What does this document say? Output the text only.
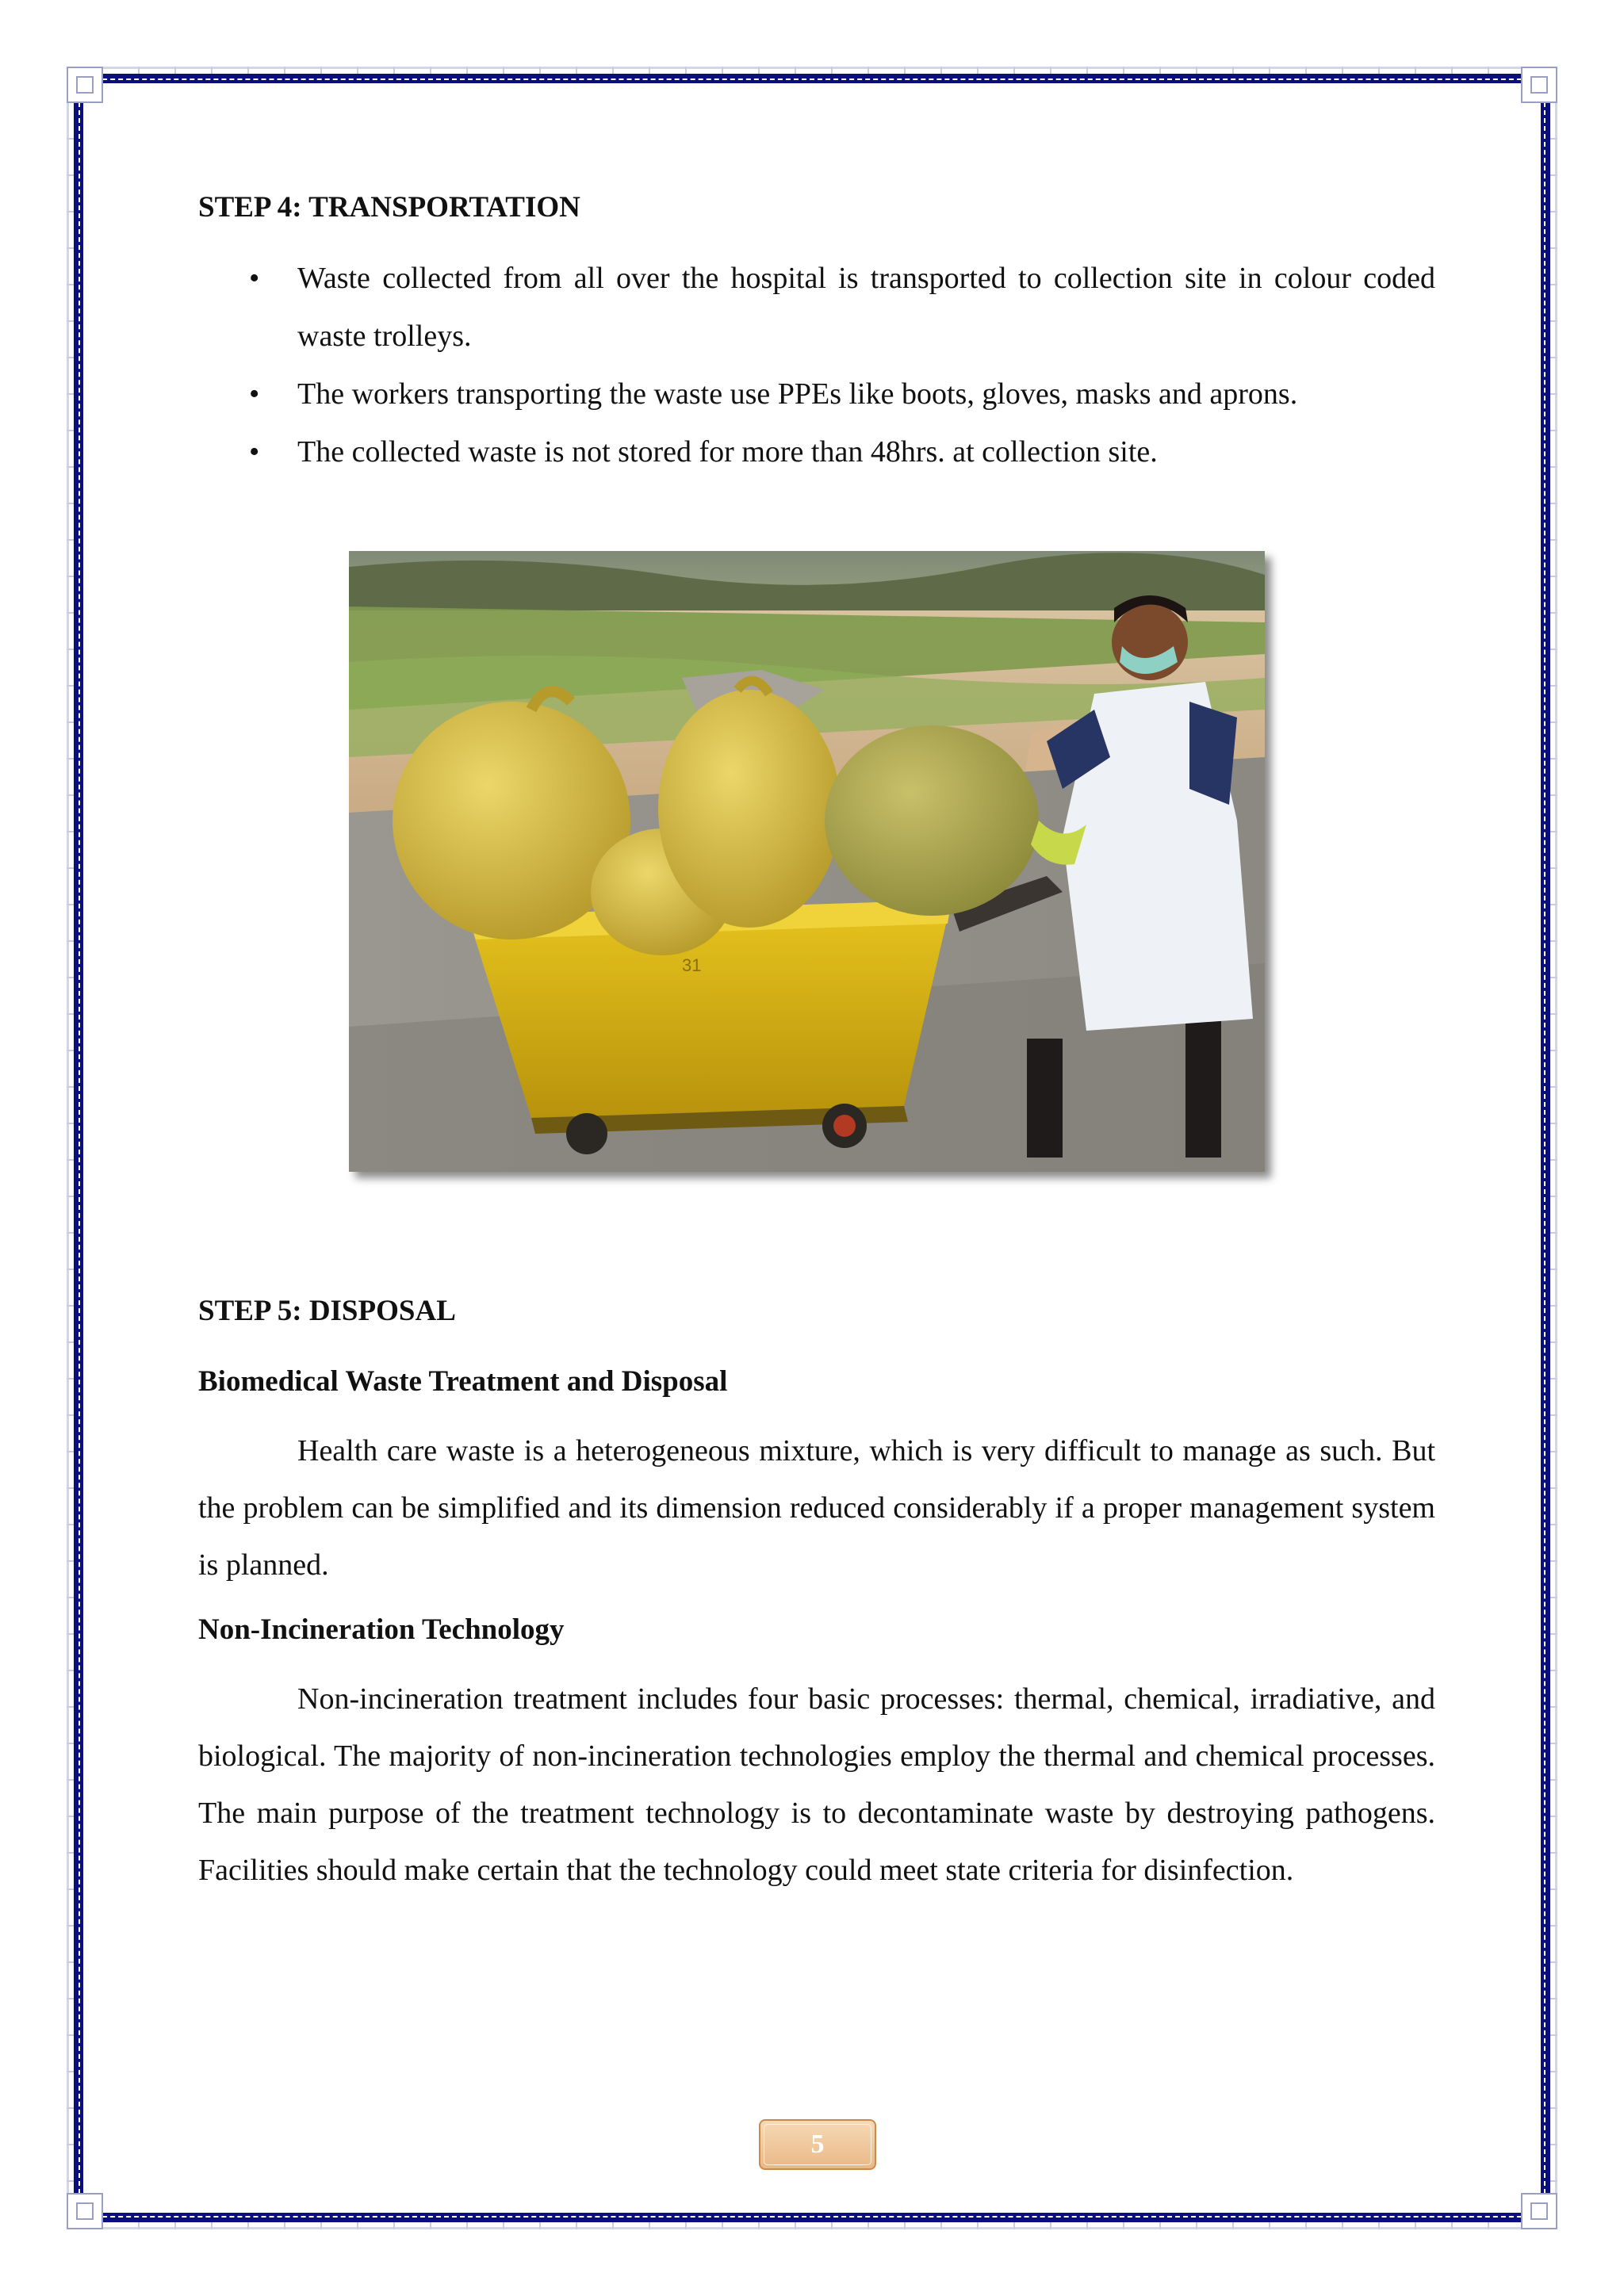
STEP 4: TRANSPORTATION
• Waste collected from all over the hospital is transported to collection site in colour coded waste trolleys.
• The workers transporting the waste use PPEs like boots, gloves, masks and aprons.
• The collected waste is not stored for more than 48hrs. at collection site.
31
STEP 5: DISPOSAL
Biomedical Waste Treatment and Disposal

Health care waste is a heterogeneous mixture, which is very difficult to manage as such. But the problem can be simplified and its dimension reduced considerably if a proper management system is planned.

Non-Incineration Technology

Non-incineration treatment includes four basic processes: thermal, chemical, irradiative, and biological. The majority of non-incineration technologies employ the thermal and chemical processes. The main purpose of the treatment technology is to decontaminate waste by destroying pathogens. Facilities should make certain that the technology could meet state criteria for disinfection.

5
